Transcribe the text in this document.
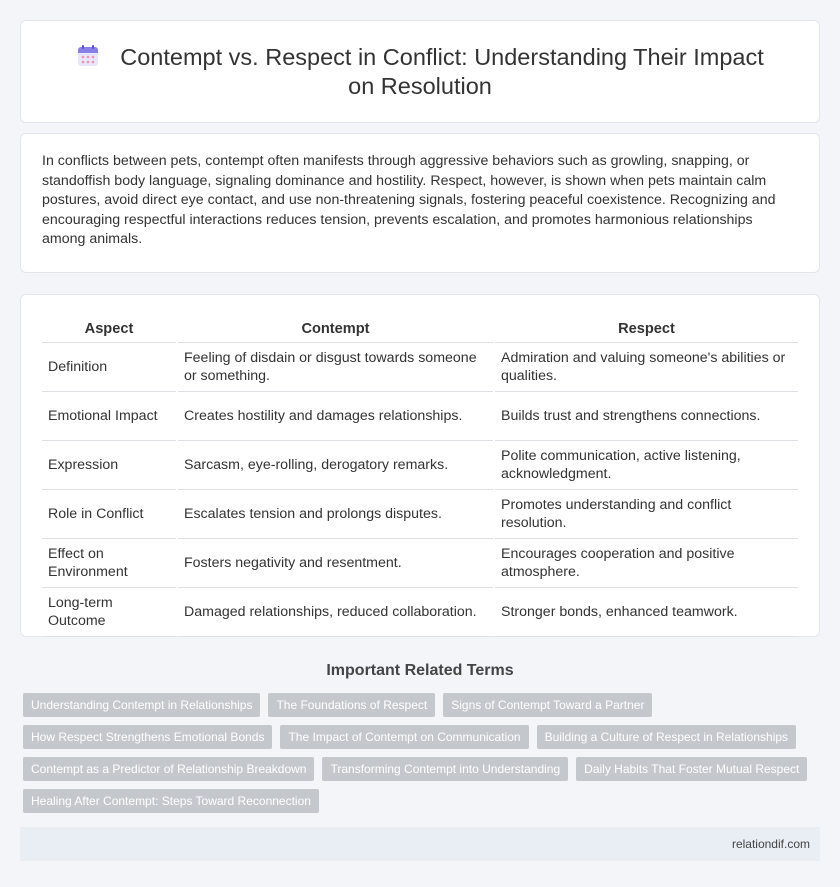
Contempt vs. Respect in Conflict: Understanding Their Impact on Resolution

In conflicts between pets, contempt often manifests through aggressive behaviors such as growling, snapping, or standoffish body language, signaling dominance and hostility. Respect, however, is shown when pets maintain calm postures, avoid direct eye contact, and use non-threatening signals, fostering peaceful coexistence. Recognizing and encouraging respectful interactions reduces tension, prevents escalation, and promotes harmonious relationships among animals.

Aspect	Contempt	Respect
Definition	Feeling of disdain or disgust towards someone or something.	Admiration and valuing someone's abilities or qualities.
Emotional Impact	Creates hostility and damages relationships.	Builds trust and strengthens connections.
Expression	Sarcasm, eye-rolling, derogatory remarks.	Polite communication, active listening, acknowledgment.
Role in Conflict	Escalates tension and prolongs disputes.	Promotes understanding and conflict resolution.
Effect on Environment	Fosters negativity and resentment.	Encourages cooperation and positive atmosphere.
Long-term Outcome	Damaged relationships, reduced collaboration.	Stronger bonds, enhanced teamwork.
Important Related Terms
Understanding Contempt in Relationships	The Foundations of Respect	Signs of Contempt Toward a Partner
How Respect Strengthens Emotional Bonds	The Impact of Contempt on Communication	Building a Culture of Respect in Relationships
Contempt as a Predictor of Relationship Breakdown	Transforming Contempt into Understanding	Daily Habits That Foster Mutual Respect
Healing After Contempt: Steps Toward Reconnection
relationdif.com
